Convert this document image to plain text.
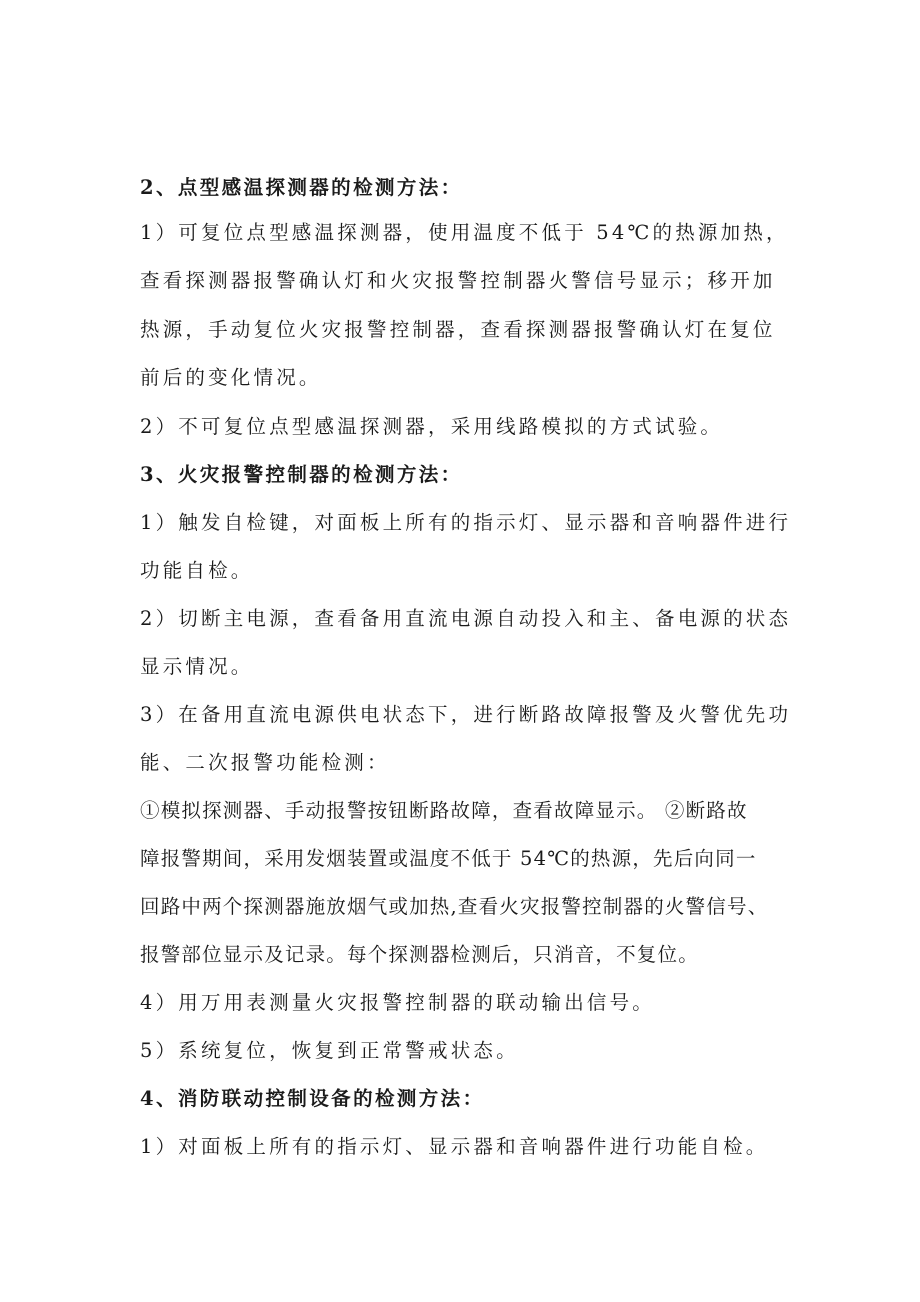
2、点型感温探测器的检测方法：
1）可复位点型感温探测器，使用温度不低于 54℃的热源加热，
查看探测器报警确认灯和火灾报警控制器火警信号显示；移开加
热源，手动复位火灾报警控制器，查看探测器报警确认灯在复位
前后的变化情况。
2）不可复位点型感温探测器，采用线路模拟的方式试验。
3、火灾报警控制器的检测方法：
1）触发自检键，对面板上所有的指示灯、显示器和音响器件进行
功能自检。
2）切断主电源，查看备用直流电源自动投入和主、备电源的状态
显示情况。
3）在备用直流电源供电状态下，进行断路故障报警及火警优先功
能、二次报警功能检测：
①模拟探测器、手动报警按钮断路故障，查看故障显示。 ②断路故
障报警期间，采用发烟装置或温度不低于 54℃的热源，先后向同一
回路中两个探测器施放烟气或加热,查看火灾报警控制器的火警信号、
报警部位显示及记录。每个探测器检测后，只消音，不复位。
4）用万用表测量火灾报警控制器的联动输出信号。
5）系统复位，恢复到正常警戒状态。
4、消防联动控制设备的检测方法：
1）对面板上所有的指示灯、显示器和音响器件进行功能自检。
